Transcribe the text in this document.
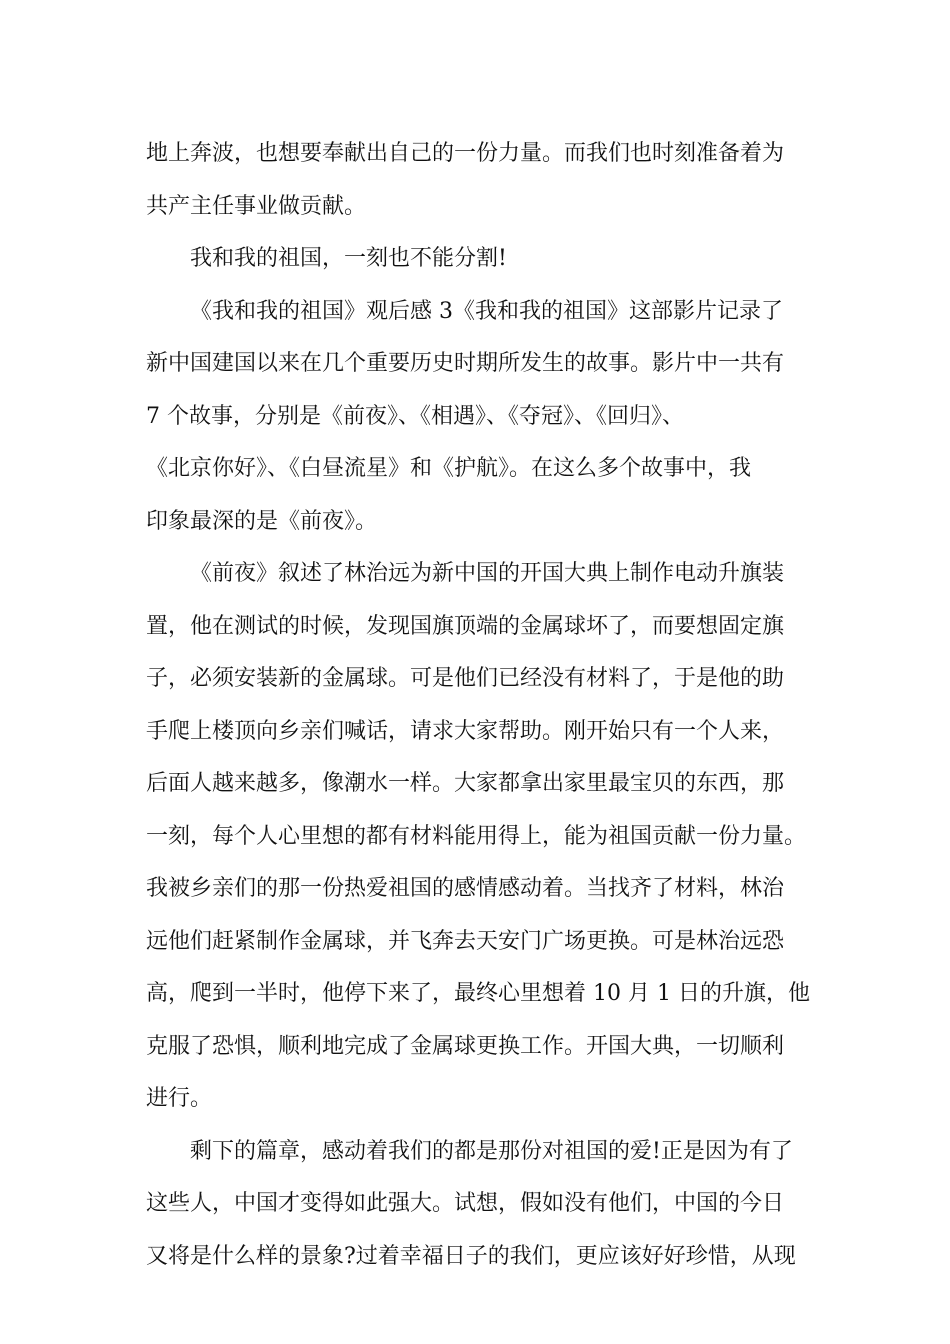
地上奔波，也想要奉献出自己的一份力量。而我们也时刻准备着为
共产主任事业做贡献。
我和我的祖国，一刻也不能分割!
《我和我的祖国》观后感 3《我和我的祖国》这部影片记录了
新中国建国以来在几个重要历史时期所发生的故事。影片中一共有
7 个故事，分别是《前夜》、《相遇》、《夺冠》、《回归》、
《北京你好》、《白昼流星》和《护航》。在这么多个故事中，我
印象最深的是《前夜》。
《前夜》叙述了林治远为新中国的开国大典上制作电动升旗装
置，他在测试的时候，发现国旗顶端的金属球坏了，而要想固定旗
子，必须安装新的金属球。可是他们已经没有材料了，于是他的助
手爬上楼顶向乡亲们喊话，请求大家帮助。刚开始只有一个人来，
后面人越来越多，像潮水一样。大家都拿出家里最宝贝的东西，那
一刻，每个人心里想的都有材料能用得上，能为祖国贡献一份力量。
我被乡亲们的那一份热爱祖国的感情感动着。当找齐了材料，林治
远他们赶紧制作金属球，并飞奔去天安门广场更换。可是林治远恐
高，爬到一半时，他停下来了，最终心里想着 10 月 1 日的升旗，他
克服了恐惧，顺利地完成了金属球更换工作。开国大典，一切顺利
进行。
剩下的篇章，感动着我们的都是那份对祖国的爱!正是因为有了
这些人，中国才变得如此强大。试想，假如没有他们，中国的今日
又将是什么样的景象?过着幸福日子的我们，更应该好好珍惜，从现
